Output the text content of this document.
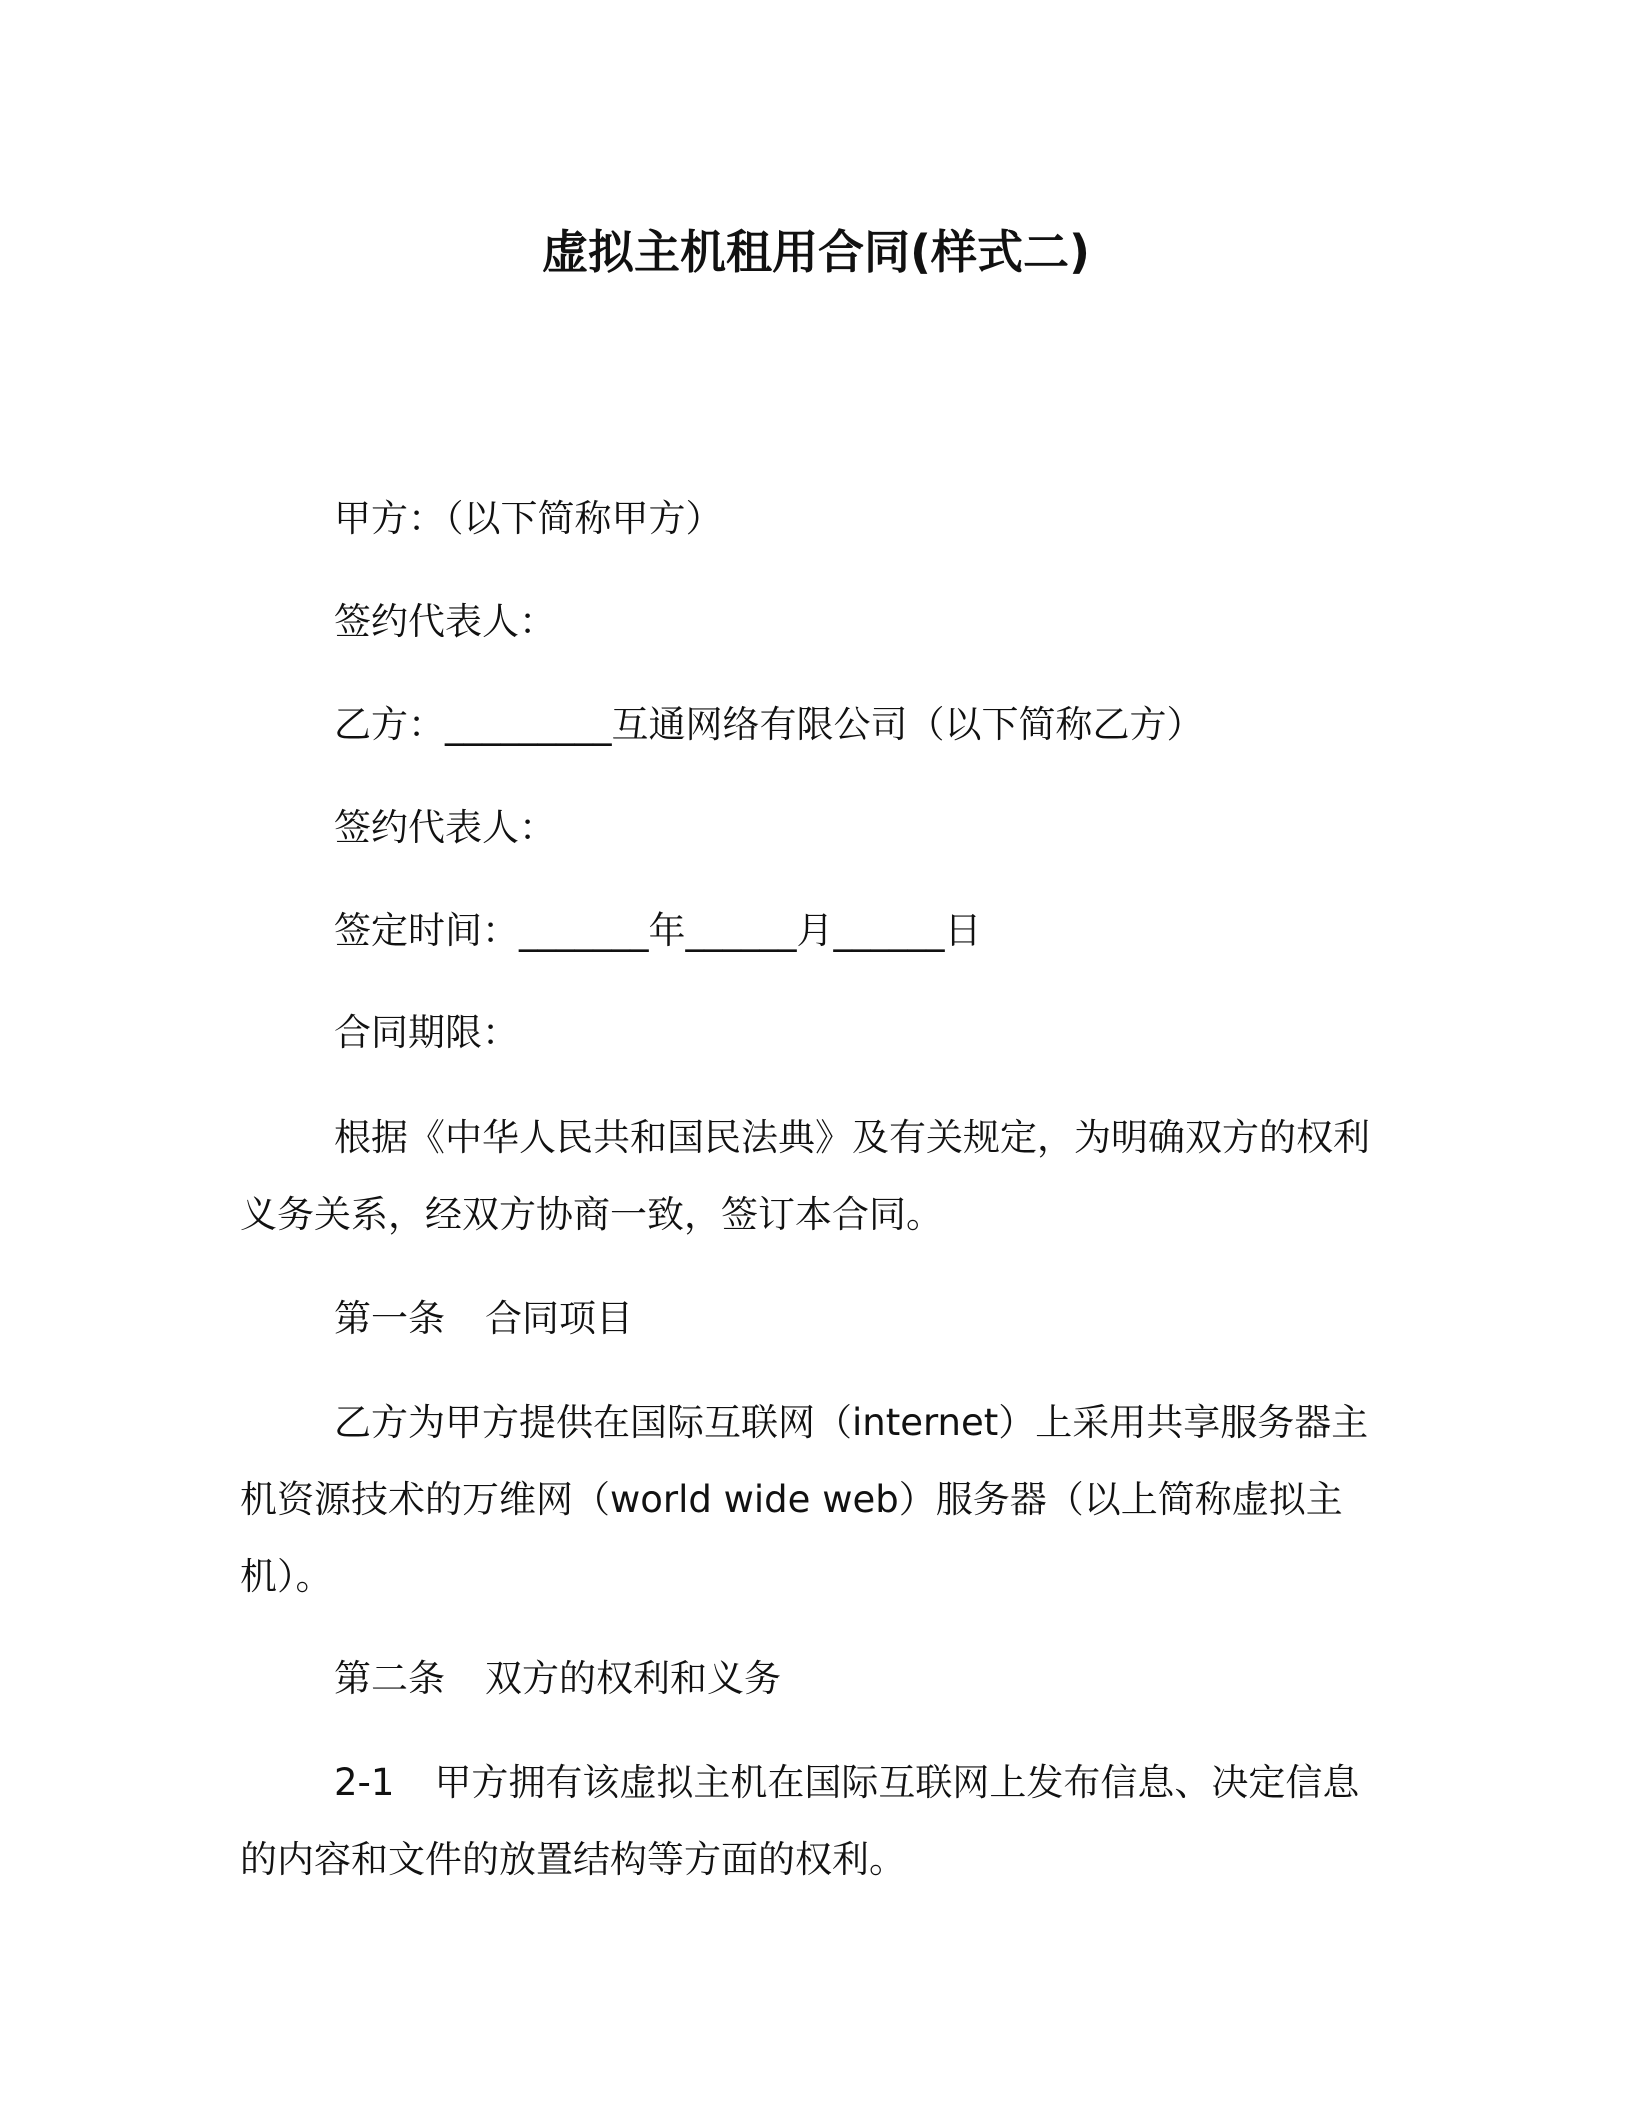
虚拟主机租用合同(样式二)
甲方：（以下简称甲方）
签约代表人：
乙方：_________互通网络有限公司（以下简称乙方）
签约代表人：
签定时间：_______年______月______日
合同期限：
根据《中华人民共和国民法典》及有关规定，为明确双方的权利
义务关系，经双方协商一致，签订本合同。
第一条 合同项目
乙方为甲方提供在国际互联网（internet）上采用共享服务器主
机资源技术的万维网（world wide web）服务器（以上简称虚拟主
机）。
第二条 双方的权利和义务
2-1 甲方拥有该虚拟主机在国际互联网上发布信息、决定信息
的内容和文件的放置结构等方面的权利。
